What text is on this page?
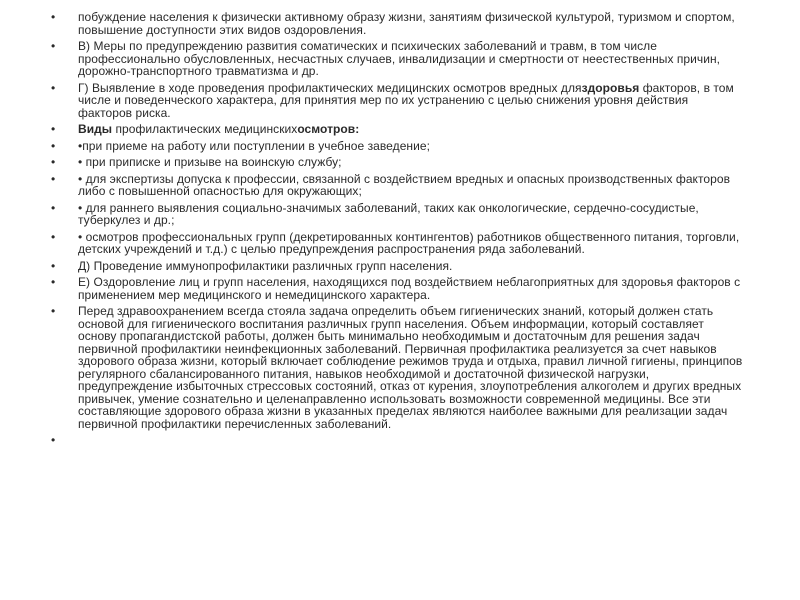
• побуждение населения к физически активному образу жизни, занятиям физической культурой, туризмом и спортом, повышение доступности этих видов оздоровления.
• В) Меры по предупреждению развития соматических и психических заболеваний и травм, в том числе профессионально обусловленных, несчастных случаев, инвалидизации и смертности от неестественных причин, дорожно-транспортного травматизма и др.
• Г) Выявление в ходе проведения профилактических медицинских осмотров вредных дляздоровья факторов, в том числе и поведенческого характера, для принятия мер по их устранению с целью снижения уровня действия факторов риска.
• Виды профилактических медицинскихосмотров:
• •при приеме на работу или поступлении в учебное заведение;
• • при приписке и призыве на воинскую службу;
• • для экспертизы допуска к профессии, связанной с воздействием вредных и опасных производственных факторов либо с повышенной опасностью для окружающих;
• • для раннего выявления социально-значимых заболеваний, таких как онкологические, сердечно-сосудистые, туберкулез и др.;
• • осмотров профессиональных групп (декретированных контингентов) работников общественного питания, торговли, детских учреждений и т.д.) с целью предупреждения распространения ряда заболеваний.
• Д) Проведение иммунопрофилактики различных групп населения.
• Е) Оздоровление лиц и групп населения, находящихся под воздействием неблагоприятных для здоровья факторов с применением мер медицинского и немедицинского характера.
• Перед здравоохранением всегда стояла задача определить объем гигиенических знаний, который должен стать основой для гигиенического воспитания различных групп населения. Объем информации, который составляет основу пропагандистской работы, должен быть минимально необходимым и достаточным для решения задач первичной профилактики неинфекционных заболеваний. Первичная профилактика реализуется за счет навыков здорового образа жизни, который включает соблюдение режимов труда и отдыха, правил личной гигиены, принципов регулярного сбалансированного питания, навыков необходимой и достаточной физической нагрузки, предупреждение избыточных стрессовых состояний, отказ от курения, злоупотребления алкоголем и других вредных привычек, умение сознательно и целенаправленно использовать возможности современной медицины. Все эти составляющие здорового образа жизни в указанных пределах являются наиболее важными для реализации задач первичной профилактики перечисленных заболеваний.
•
